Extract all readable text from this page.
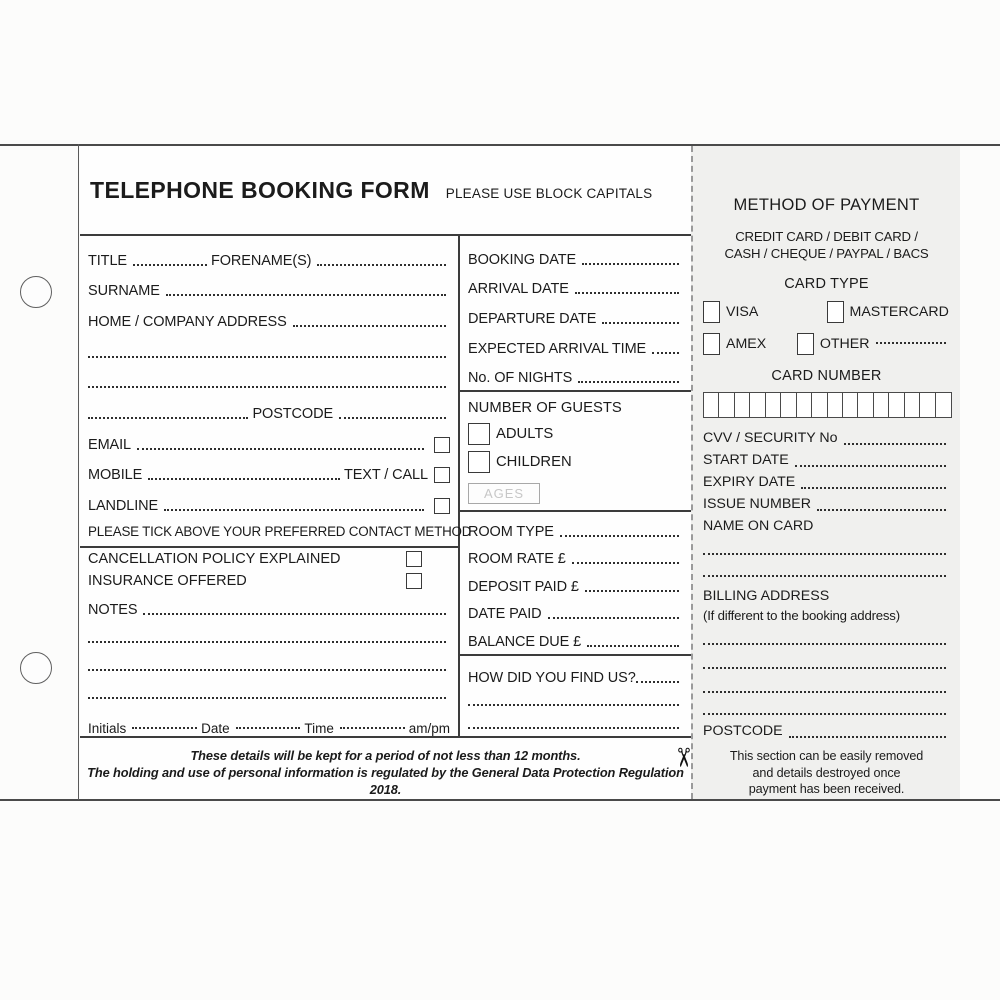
TELEPHONE BOOKING FORM PLEASE USE BLOCK CAPITALS
TITLE	FORENAME(S)
SURNAME
HOME / COMPANY ADDRESS
POSTCODE
EMAIL
MOBILE	TEXT / CALL
LANDLINE
PLEASE TICK ABOVE YOUR PREFERRED CONTACT METHOD
CANCELLATION POLICY EXPLAINED
INSURANCE OFFERED
NOTES
Initials	Date	Time	am/pm
BOOKING DATE
ARRIVAL DATE
DEPARTURE DATE
EXPECTED ARRIVAL TIME
No. OF NIGHTS
NUMBER OF GUESTS
ADULTS
CHILDREN
AGES
ROOM TYPE
ROOM RATE £
DEPOSIT PAID £
DATE PAID
BALANCE DUE £
HOW DID YOU FIND US?
These details will be kept for a period of not less than 12 months.
The holding and use of personal information is regulated by the General Data Protection Regulation 2018.
METHOD OF PAYMENT
CREDIT CARD / DEBIT CARD /
CASH / CHEQUE / PAYPAL / BACS
CARD TYPE
VISA	MASTERCARD
AMEX	OTHER
CARD NUMBER
CVV / SECURITY No
START DATE
EXPIRY DATE
ISSUE NUMBER
NAME ON CARD
BILLING ADDRESS
(If different to the booking address)
POSTCODE
This section can be easily removed
and details destroyed once
payment has been received.
✂
